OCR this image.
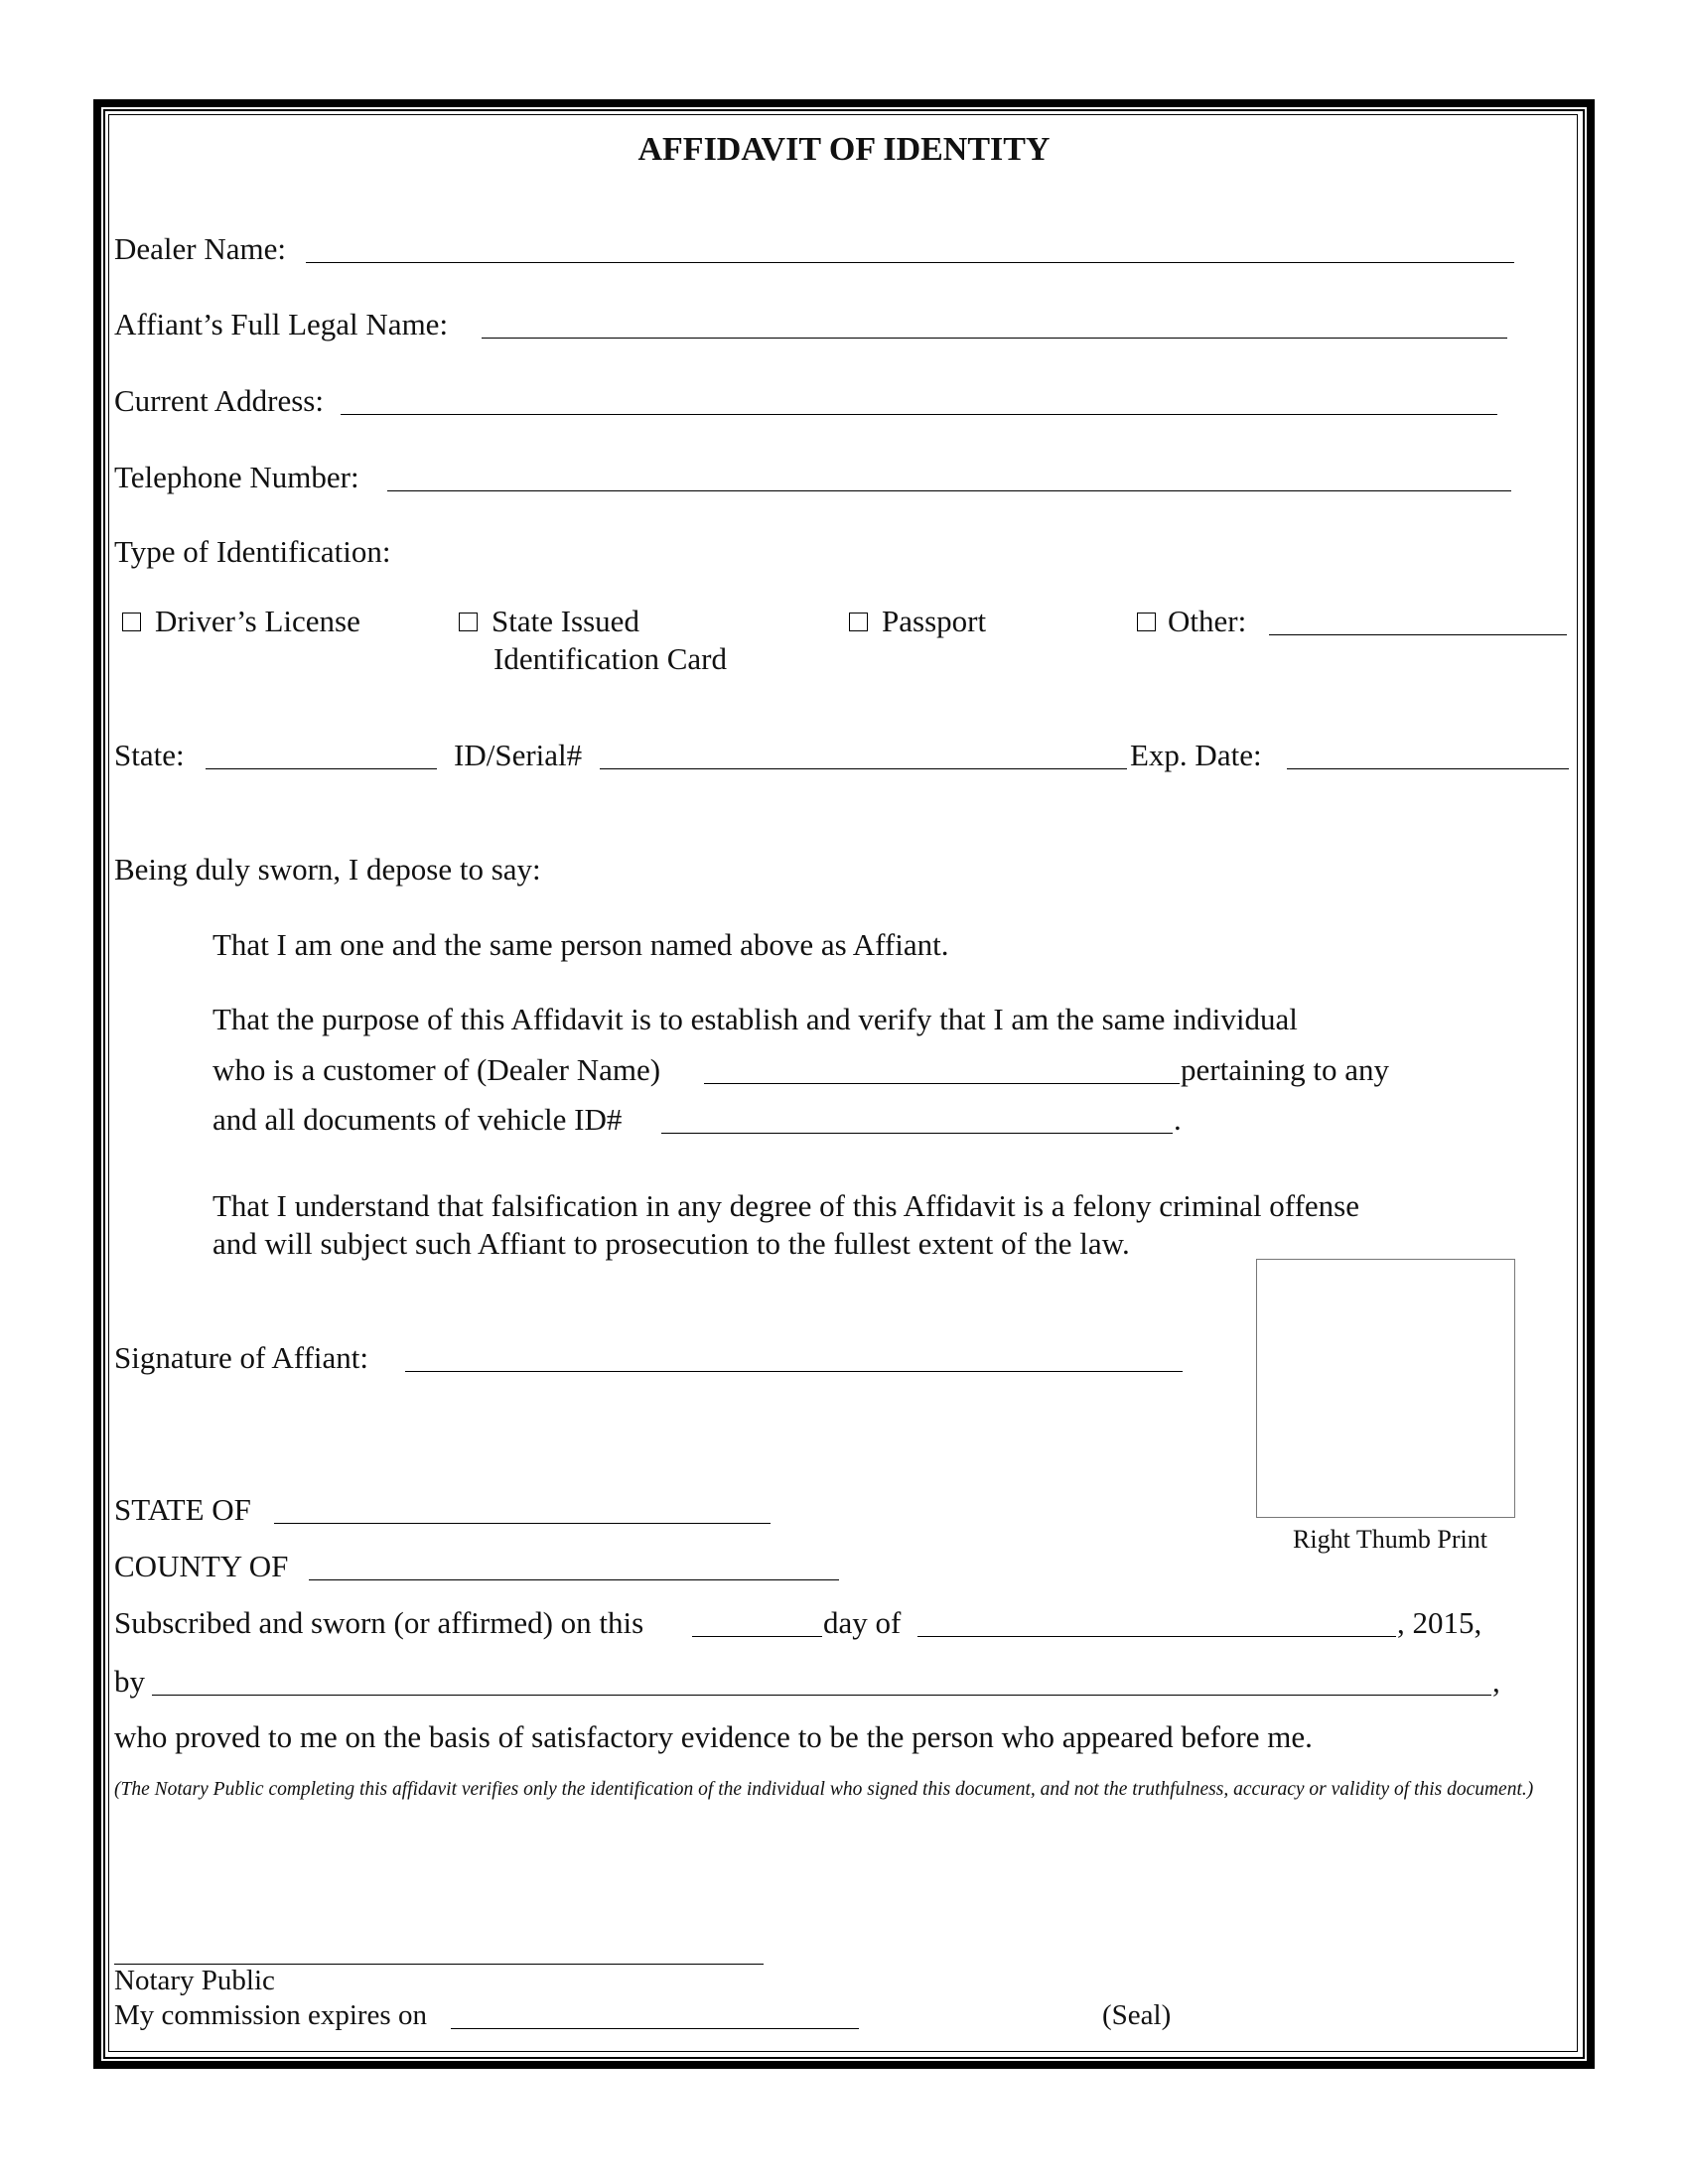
AFFIDAVIT OF IDENTITY
Dealer Name:
Affiant’s Full Legal Name:
Current Address:
Telephone Number:
Type of Identification:
Driver’s License	State Issued	Passport	Other:
Identification Card
State:	ID/Serial#	Exp. Date:
Being duly sworn, I depose to say:
That I am one and the same person named above as Affiant.
That the purpose of this Affidavit is to establish and verify that I am the same individual
who is a customer of (Dealer Name)	pertaining to any
and all documents of vehicle ID#	.
That I understand that falsification in any degree of this Affidavit is a felony criminal offense
and will subject such Affiant to prosecution to the fullest extent of the law.
Right Thumb Print
Signature of Affiant:
STATE OF
COUNTY OF
Subscribed and sworn (or affirmed) on this	day of	, 2015,
by	,
who proved to me on the basis of satisfactory evidence to be the person who appeared before me.
(The Notary Public completing this affidavit verifies only the identification of the individual who signed this document, and not the truthfulness, accuracy or validity of this document.)
Notary Public
My commission expires on	(Seal)
